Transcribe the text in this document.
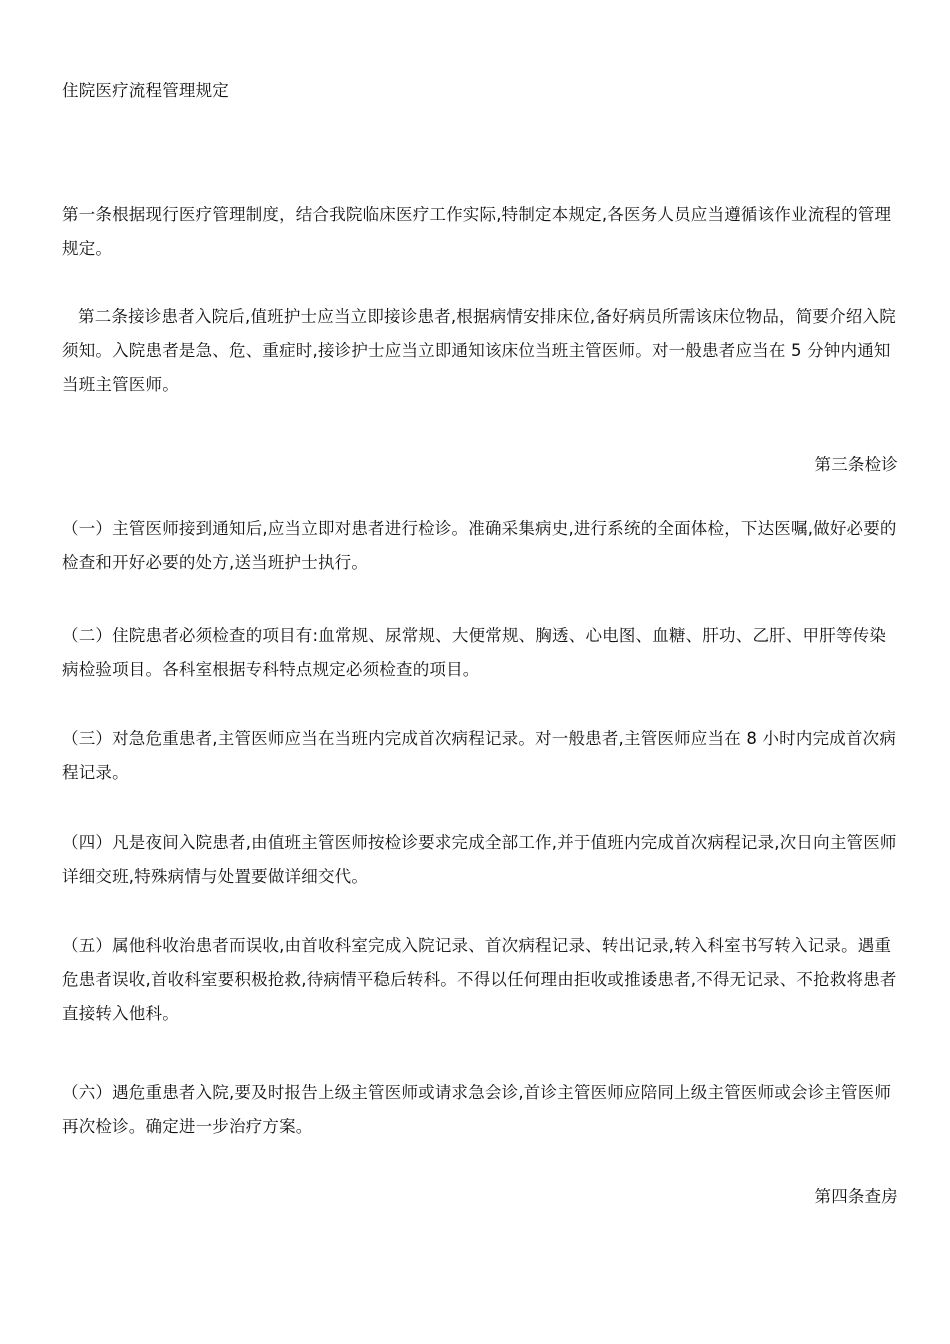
住院医疗流程管理规定
第一条根据现行医疗管理制度，结合我院临床医疗工作实际,特制定本规定,各医务人员应当遵循该作业流程的管理规定。
第二条接诊患者入院后,值班护士应当立即接诊患者,根据病情安排床位,备好病员所需该床位物品，简要介绍入院须知。入院患者是急、危、重症时,接诊护士应当立即通知该床位当班主管医师。对一般患者应当在 5 分钟内通知当班主管医师。
第三条检诊
（一）主管医师接到通知后,应当立即对患者进行检诊。准确采集病史,进行系统的全面体检，下达医嘱,做好必要的检查和开好必要的处方,送当班护士执行。
（二）住院患者必须检查的项目有:血常规、尿常规、大便常规、胸透、心电图、血糖、肝功、乙肝、甲肝等传染病检验项目。各科室根据专科特点规定必须检查的项目。
（三）对急危重患者,主管医师应当在当班内完成首次病程记录。对一般患者,主管医师应当在 8 小时内完成首次病程记录。
（四）凡是夜间入院患者,由值班主管医师按检诊要求完成全部工作,并于值班内完成首次病程记录,次日向主管医师详细交班,特殊病情与处置要做详细交代。
（五）属他科收治患者而误收,由首收科室完成入院记录、首次病程记录、转出记录,转入科室书写转入记录。遇重危患者误收,首收科室要积极抢救,待病情平稳后转科。不得以任何理由拒收或推诿患者,不得无记录、不抢救将患者直接转入他科。
（六）遇危重患者入院,要及时报告上级主管医师或请求急会诊,首诊主管医师应陪同上级主管医师或会诊主管医师再次检诊。确定进一步治疗方案。
第四条查房
